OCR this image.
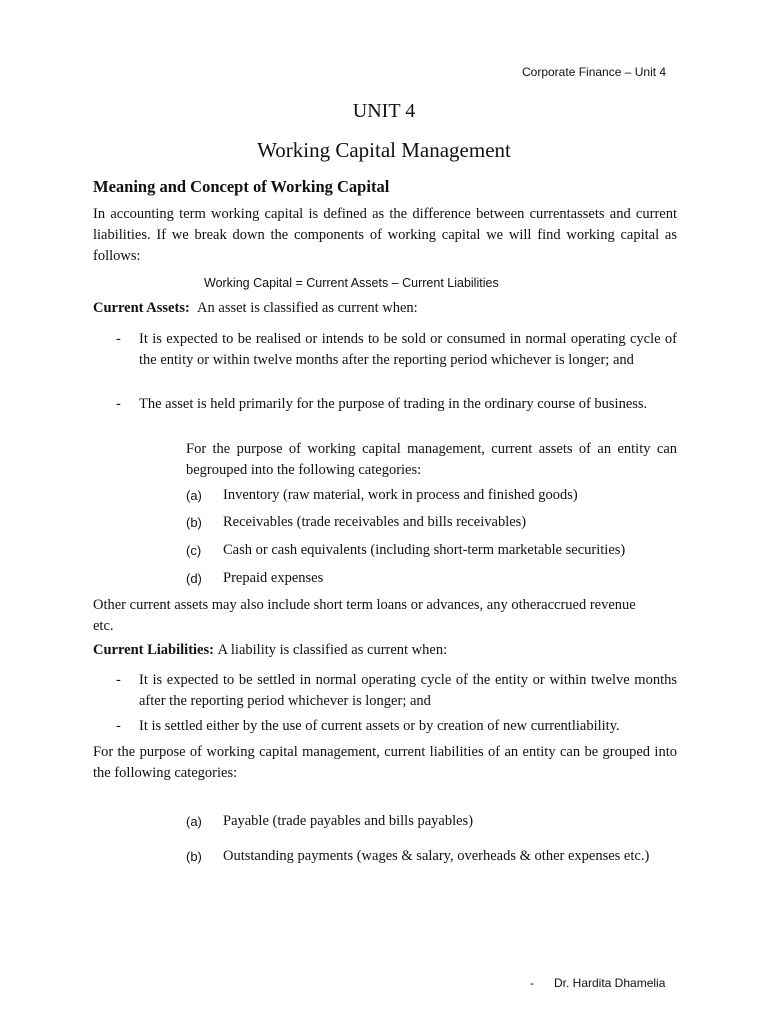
Corporate Finance – Unit 4
UNIT 4
Working Capital Management
Meaning and Concept of Working Capital

In accounting term working capital is defined as the difference between currentassets and current liabilities. If we break down the components of working capital we will find working capital as follows:

Working Capital = Current Assets – Current Liabilities
Current Assets: An asset is classified as current when:
- It is expected to be realised or intends to be sold or consumed in normal operating cycle of the entity or within twelve months after the reporting period whichever is longer; and

- The asset is held primarily for the purpose of trading in the ordinary course of business.

For the purpose of working capital management, current assets of an entity can begrouped into the following categories:

(a) Inventory (raw material, work in process and finished goods)
(b) Receivables (trade receivables and bills receivables)
(c) Cash or cash equivalents (including short-term marketable securities)
(d) Prepaid expenses

Other current assets may also include short term loans or advances, any otheraccrued revenue etc.

Current Liabilities: A liability is classified as current when:
- It is expected to be settled in normal operating cycle of the entity or within twelve months after the reporting period whichever is longer; and

- It is settled either by the use of current assets or by creation of new currentliability.

For the purpose of working capital management, current liabilities of an entity can be grouped into the following categories:

(a) Payable (trade payables and bills payables)
(b) Outstanding payments (wages & salary, overheads & other expenses etc.)

- Dr. Hardita Dhamelia
